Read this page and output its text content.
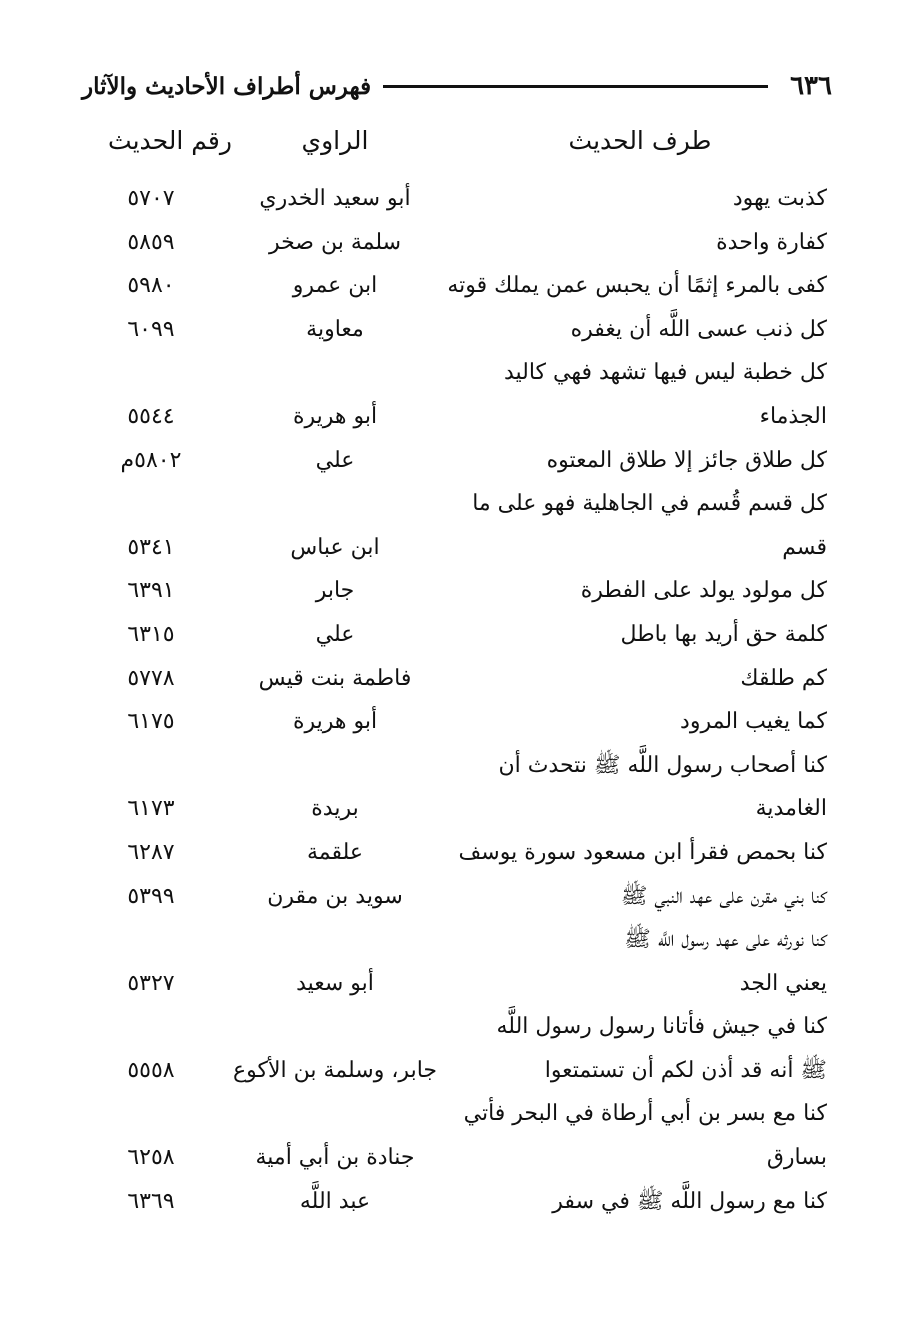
٦٣٦
فهرس أطراف الأحاديث والآثار
طرف الحديث
الراوي
رقم الحديث
كذبت يهود
أبو سعيد الخدري
٥٧٠٧
كفارة واحدة
سلمة بن صخر
٥٨٥٩
كفى بالمرء إثمًا أن يحبس عمن يملك قوته
ابن عمرو
٥٩٨٠
كل ذنب عسى اللَّه أن يغفره
معاوية
٦٠٩٩
كل خطبة ليس فيها تشهد فهي كاليد
الجذماء
أبو هريرة
٥٥٤٤
كل طلاق جائز إلا طلاق المعتوه
علي
٥٨٠٢م
كل قسم قُسم في الجاهلية فهو على ما
قسم
ابن عباس
٥٣٤١
كل مولود يولد على الفطرة
جابر
٦٣٩١
كلمة حق أريد بها باطل
علي
٦٣١٥
كم طلقك
فاطمة بنت قيس
٥٧٧٨
كما يغيب المرود
أبو هريرة
٦١٧٥
كنا أصحاب رسول اللَّه ﷺ نتحدث أن
الغامدية
بريدة
٦١٧٣
كنا بحمص فقرأ ابن مسعود سورة يوسف
علقمة
٦٢٨٧
كنا بني مقرن على عهد النبي ﷺ
سويد بن مقرن
٥٣٩٩
كنا نورثه على عهد رسول اللَّه ﷺ
يعني الجد
أبو سعيد
٥٣٢٧
كنا في جيش فأتانا رسول رسول اللَّه
ﷺ أنه قد أذن لكم أن تستمتعوا
جابر، وسلمة بن الأكوع
٥٥٥٨
كنا مع بسر بن أبي أرطاة في البحر فأتي
بسارق
جنادة بن أبي أمية
٦٢٥٨
كنا مع رسول اللَّه ﷺ في سفر
عبد اللَّه
٦٣٦٩
